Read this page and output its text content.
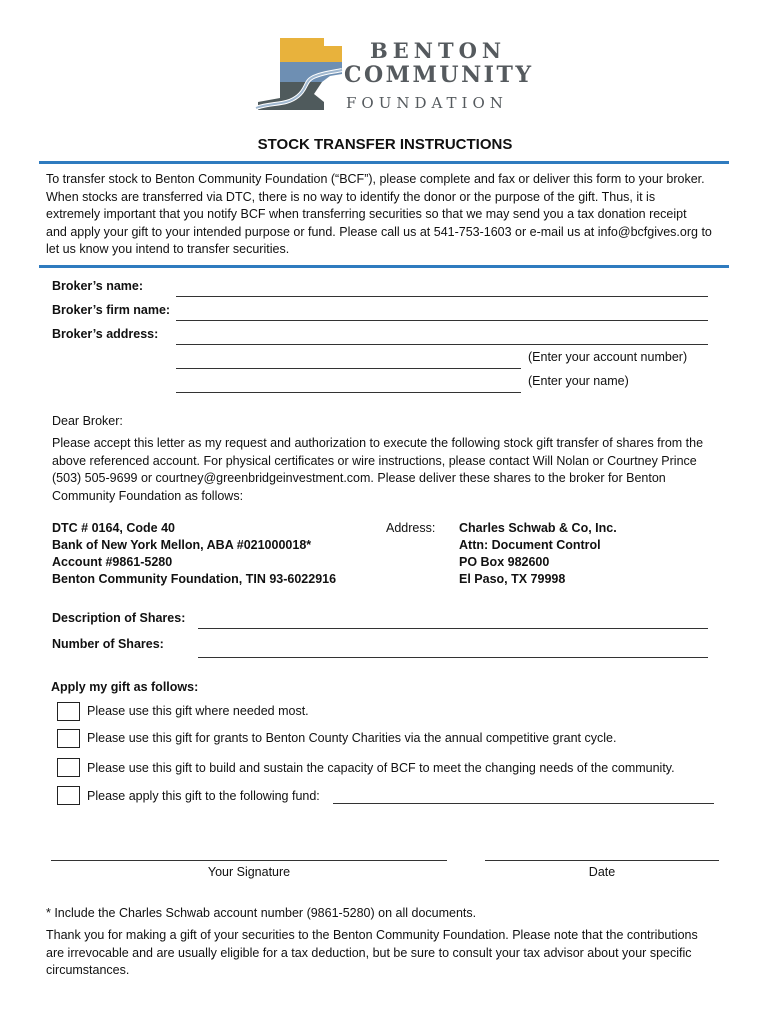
BENTON
COMMUNITY
FOUNDATION
STOCK TRANSFER INSTRUCTIONS
To transfer stock to Benton Community Foundation (“BCF”), please complete and fax or deliver this form to your broker.
When stocks are transferred via DTC, there is no way to identify the donor or the purpose of the gift. Thus, it is
extremely important that you notify BCF when transferring securities so that we may send you a tax donation receipt
and apply your gift to your intended purpose or fund. Please call us at 541-753-1603 or e-mail us at info@bcfgives.org to
let us know you intend to transfer securities.
Broker’s name:
Broker’s firm name:
Broker’s address:
(Enter your account number)
(Enter your name)
Dear Broker:
Please accept this letter as my request and authorization to execute the following stock gift transfer of shares from the
above referenced account. For physical certificates or wire instructions, please contact Will Nolan or Courtney Prince
(503) 505-9699 or courtney@greenbridgeinvestment.com. Please deliver these shares to the broker for Benton
Community Foundation as follows:
DTC # 0164, Code 40
Bank of New York Mellon, ABA #021000018*
Account #9861-5280
Benton Community Foundation, TIN 93-6022916
Address: Charles Schwab & Co, Inc.
Attn: Document Control
PO Box 982600
El Paso, TX 79998
Description of Shares:
Number of Shares:
Apply my gift as follows:
Please use this gift where needed most.
Please use this gift for grants to Benton County Charities via the annual competitive grant cycle.
Please use this gift to build and sustain the capacity of BCF to meet the changing needs of the community.
Please apply this gift to the following fund:
Your Signature	Date
* Include the Charles Schwab account number (9861-5280) on all documents.
Thank you for making a gift of your securities to the Benton Community Foundation. Please note that the contributions
are irrevocable and are usually eligible for a tax deduction, but be sure to consult your tax advisor about your specific
circumstances.
